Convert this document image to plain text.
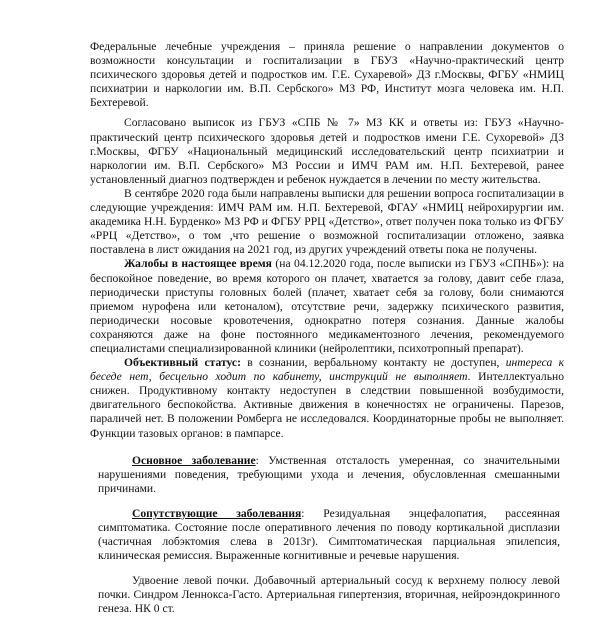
Федеральные лечебные учреждения – приняла решение о направлении документов о возможности консультации и госпитализации в ГБУЗ «Научно-практический центр психического здоровья детей и подростков им. Г.Е. Сухаревой» ДЗ г.Москвы, ФГБУ «НМИЦ психиатрии и наркологии им. В.П. Сербского» МЗ РФ, Институт мозга человека им. Н.П. Бехтеревой.

Согласовано выписок из ГБУЗ «СПБ № 7» МЗ КК и ответы из: ГБУЗ «Научно-практический центр психического здоровья детей и подростков имени Г.Е. Сухоревой» ДЗ г.Москвы, ФГБУ «Национальный медицинский исследовательский центр психиатрии и наркологии им. В.П. Сербского» МЗ России и ИМЧ РАМ им. Н.П. Бехтеревой, ранее установленный диагноз подтвержден и ребенок нуждается в лечении по месту жительства.

В сентябре 2020 года были направлены выписки для решении вопроса госпитализации в следующие учреждения: ИМЧ РАМ им. Н.П. Бехтеревой, ФГАУ «НМИЦ нейрохирургии им. академика Н.Н. Бурденко» МЗ РФ и ФГБУ РРЦ «Детство», ответ получен пока только из ФГБУ «РРЦ «Детство», о том ,что решение о возможной госпитализации отложено, заявка поставлена в лист ожидания на 2021 год, из других учреждений ответы пока не получены.

Жалобы в настоящее время (на 04.12.2020 года, после выписки из ГБУЗ «СПНБ»): на беспокойное поведение, во время которого он плачет, хватается за голову, давит себе глаза, периодически приступы головных болей (плачет, хватает себя за голову, боли снимаются приемом нурофена или кетоналом), отсутствие речи, задержку психического развития, периодически носовые кровотечения, однократно потеря сознания. Данные жалобы сохраняются даже на фоне постоянного медикаментозного лечения, рекомендуемого специалистами специализированной клиники (нейролептики, психотропный препарат).

Объективный статус: в сознании, вербальному контакту не доступен, интереса к беседе нет, бесцельно ходит по кабинету, инструкций не выполняет. Интеллектуально снижен. Продуктивному контакту недоступен в следствии повышенной возбудимости, двигательного беспокойства. Активные движения в конечностях не ограничены. Парезов, параличей нет. В положении Ромберга не исследовался. Координаторные пробы не выполняет. Функции тазовых органов: в пампарсе.

Основное заболевание: Умственная отсталость умеренная, со значительными нарушениями поведения, требующими ухода и лечения, обусловленная смешанными причинами.

Сопутствующие заболевания: Резидуальная энцефалопатия, рассеянная симптоматика. Состояние после оперативного лечения по поводу кортикальной дисплазии (частичная лобэктомия слева в 2013г). Симптоматическая парциальная эпилепсия, клиническая ремиссия. Выраженные когнитивные и речевые нарушения.

Удвоение левой почки. Добавочный артериальный сосуд к верхнему полюсу левой почки. Синдром Леннокса-Гасто. Артериальная гипертензия, вторичная, нейроэндокринного генеза. НК 0 ст.
